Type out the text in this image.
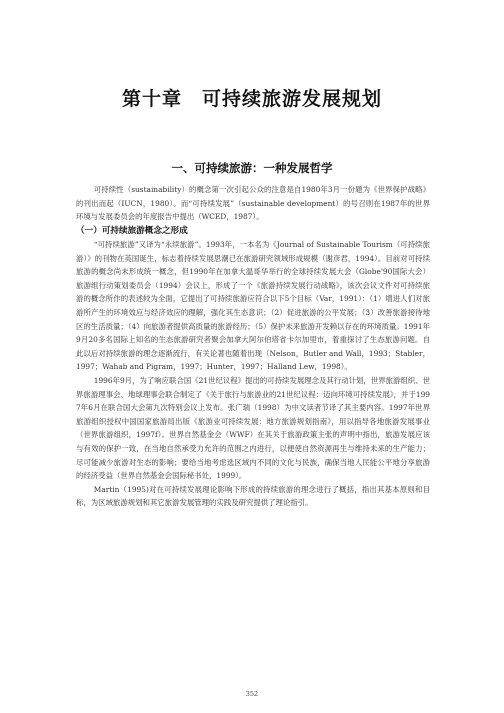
第十章　可持续旅游发展规划
一、可持续旅游：一种发展哲学

可持续性（sustainability）的概念第一次引起公众的注意是自1980年3月一份题为《世界保护战略》的刊出而起（IUCN，1980）。而“可持续发展”（sustainable development）的号召则在1987年的世界环境与发展委员会的年度报告中提出（WCED，1987）。

（一）可持续旅游概念之形成

“可持续旅游”又译为“永续旅游”。1993年，一本名为《Journal of Sustainable Tourism（可持续旅游）》的刊物在英国诞生，标志着持续发展思潮已在旅游研究领域形成规模（谢彦君，1994）。目前对可持续旅游的概念尚未形成统一概念，但1990年在加拿大温哥华举行的全球持续发展大会（Globe'90国际大会）旅游组行动策划委员会（1994）会议上，形成了一个《旅游持续发展行动战略》，该次会议文件对可持续旅游的概念所作的表述较为全面，它提出了可持续旅游应符合以下5个目标（Var，1991）：（1）增进人们对旅游所产生的环境效应与经济效应的理解，强化其生态意识；（2）促进旅游的公平发展；（3）改善旅游接待地区的生活质量；（4）向旅游者提供高质量的旅游经历；（5）保护未来旅游开发赖以存在的环境质量。1991年9月20多名国际上知名的生态旅游研究者聚会加拿大阿尔伯塔省卡尔加里市，着重探讨了生态旅游问题。自此以后对持续旅游的理念逐渐流行，有关论著也随着出现（Nelson，Butler and Wall，1993；Stabler，1997；Wahab and Pigram，1997；Hunter，1997；Halland Lew，1998）。

1996年9月，为了响应联合国《21世纪议程》提出的可持续发展理念及其行动计划，世界旅游组织、世界旅游理事会、地球理事会联合制定了《关于旅行与旅游业的21世纪议程：迈向环境可持续发展》，并于1997年6月在联合国大会第九次特别会议上发布。张广瑞（1998）为中文读者节译了其主要内容。1997年世界旅游组织授权中国国家旅游局出版《旅游业可持续发展：地方旅游规划指南》，用以指导各地旅游发展事业（世界旅游组织，1997f）。世界自然基金会（WWF）在其关于旅游政策主张的声明中指出，旅游发展应该与有效的保护一致，在当地自然承受力允许的范围之内进行，以便使自然资源再生与维持未来的生产能力；尽可能减少旅游对生态的影响；要给当地考虑选区域内不同的文化与民族，确保当地人民能公平地分享旅游的经济受益（世界自然基金会国际秘书处，1999）。

Martin（1995)对在可持续发展理论影响下形成的持续旅游的理念进行了概括，指出其基本原则和目标，为区域旅游规划和其它旅游发展管理的实践及研究提供了理论指引。

352
